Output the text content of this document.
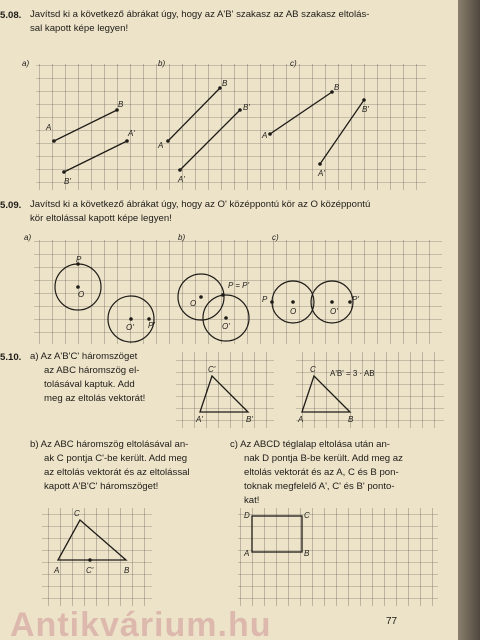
5.08. Javítsd ki a következő ábrákat úgy, hogy az A'B' szakasz az AB szakasz eltolás-
sal kapott képe legyen!
a)	b)	c)
A
B
B'
A'
B
B'
A
A'
B
B'
A
A'
5.09. Javítsd ki a következő ábrákat úgy, hogy az O' középpontú kör az O középpontú
kör eltolással kapott képe legyen!
a)	b)	c)
P
O
O' P'
O
O'
P = P'
P
O	O'
P'
5.10. a) Az A'B'C' háromszöget
az ABC háromszög el-
tolásával kaptuk. Add
meg az eltolás vektorát!
C'
A'	B'
C A'B' = 3 · AB
A	B
b) Az ABC háromszög eltolásával an-
ak C pontja C'-be került. Add meg
az eltolás vektorát és az eltolással
kapott A'B'C' háromszöget!
c) Az ABCD téglalap eltolása után an-
nak D pontja B-be került. Add meg az
eltolás vektorát és az A, C és B pon-
toknak megfelelő A', C' és B' ponto-
kat!
C
A	C'	B
D	C
A	B
77
Antikvárium.hu
